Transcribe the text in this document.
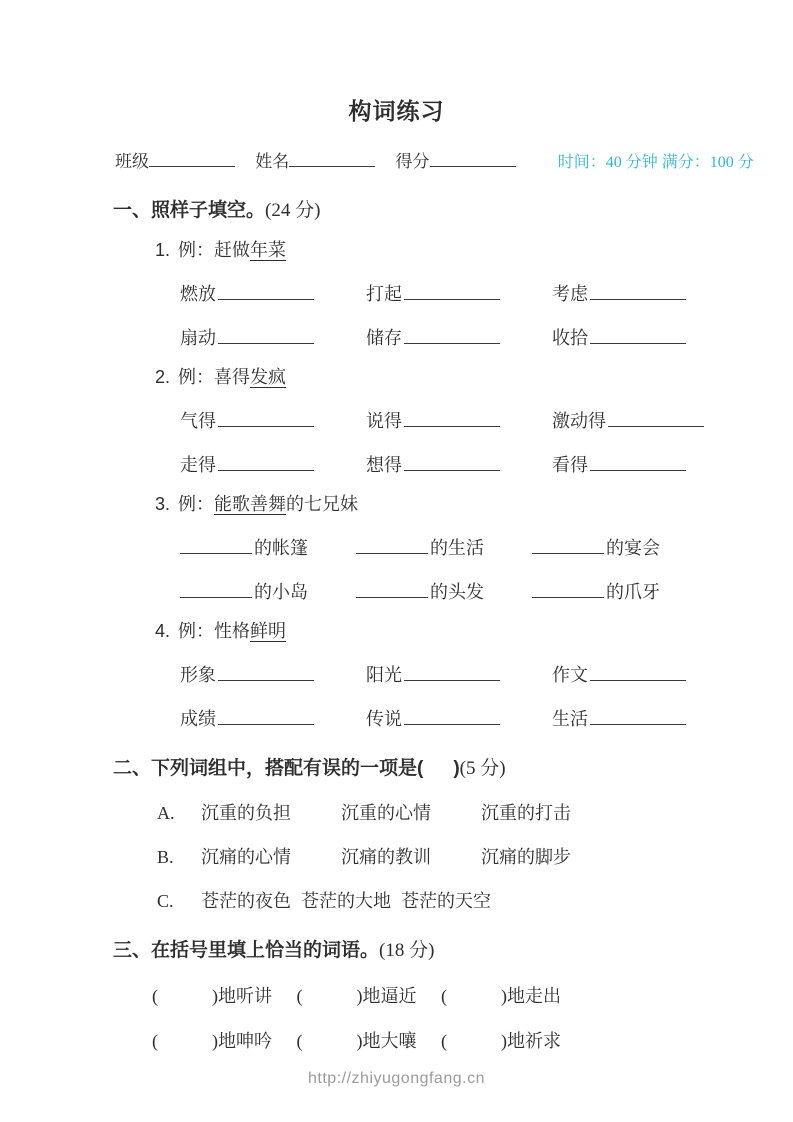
构词练习
班级	姓名	得分	时间：40 分钟 满分：100 分
一、照样子填空。(24 分)
1. 例：赶做年菜
燃放	打起	考虑
扇动	储存	收拾
2. 例：喜得发疯
气得	说得	激动得
走得	想得	看得
3. 例：能歌善舞的七兄妹
的帐篷	的生活	的宴会
的小岛	的头发	的爪牙
4. 例：性格鲜明
形象	阳光	作文
成绩	传说	生活
二、下列词组中，搭配有误的一项是( )(5 分)
A. 沉重的负担	沉重的心情	沉重的打击
B. 沉痛的心情	沉痛的教训	沉痛的脚步
C. 苍茫的夜色 苍茫的大地 苍茫的天空
三、在括号里填上恰当的词语。(18 分)
(	)地听讲 (	)地逼近 (	)地走出
(	)地呻吟 (	)地大嚷 (	)地祈求
http://zhiyugongfang.cn
